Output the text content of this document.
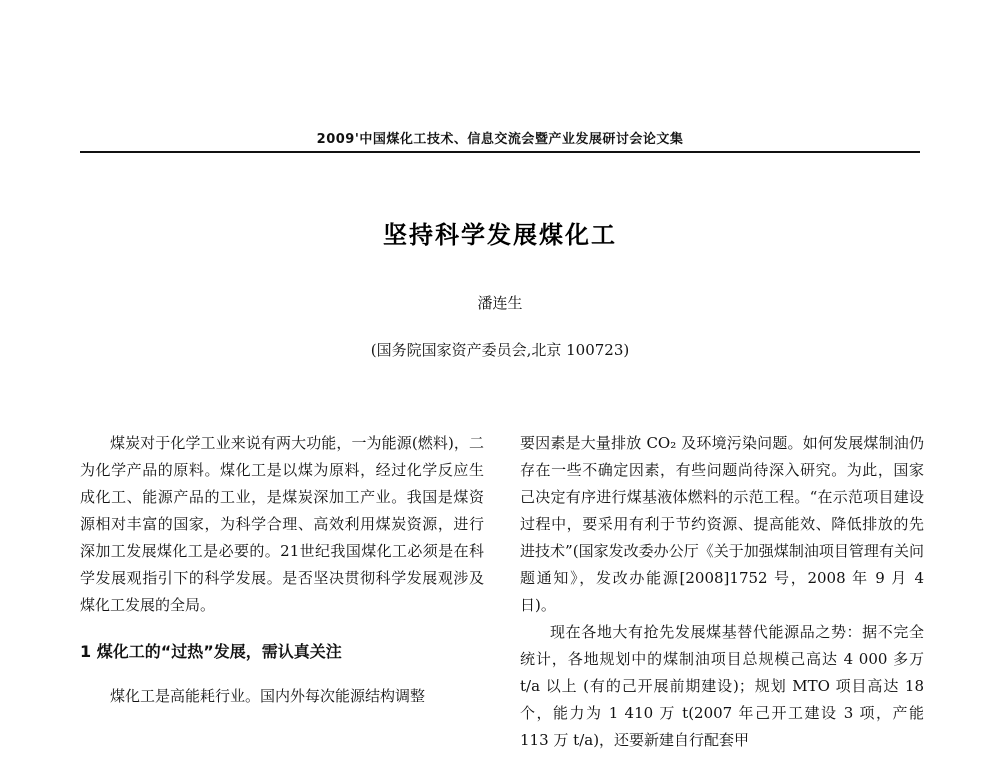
2009'中国煤化工技术、信息交流会暨产业发展研讨会论文集
坚持科学发展煤化工
潘连生
(国务院国家资产委员会,北京 100723)

煤炭对于化学工业来说有两大功能，一为能源(燃料)，二为化学产品的原料。煤化工是以煤为原料，经过化学反应生成化工、能源产品的工业，是煤炭深加工产业。我国是煤资源相对丰富的国家，为科学合理、高效利用煤炭资源，进行深加工发展煤化工是必要的。21世纪我国煤化工必须是在科学发展观指引下的科学发展。是否坚决贯彻科学发展观涉及煤化工发展的全局。

1 煤化工的“过热”发展，需认真关注

煤化工是高能耗行业。国内外每次能源结构调整

要因素是大量排放 CO₂ 及环境污染问题。如何发展煤制油仍存在一些不确定因素，有些问题尚待深入研究。为此，国家己决定有序进行煤基液体燃料的示范工程。“在示范项目建设过程中，要采用有利于节约资源、提高能效、降低排放的先进技术”(国家发改委办公厅《关于加强煤制油项目管理有关问题通知》，发改办能源[2008]1752 号，2008 年 9 月 4 日)。

现在各地大有抢先发展煤基替代能源品之势：据不完全统计，各地规划中的煤制油项目总规模己高达 4 000 多万 t/a 以上 (有的己开展前期建设)；规划 MTO 项目高达 18 个，能力为 1 410 万 t(2007 年己开工建设 3 项，产能 113 万 t/a)，还要新建自行配套甲
